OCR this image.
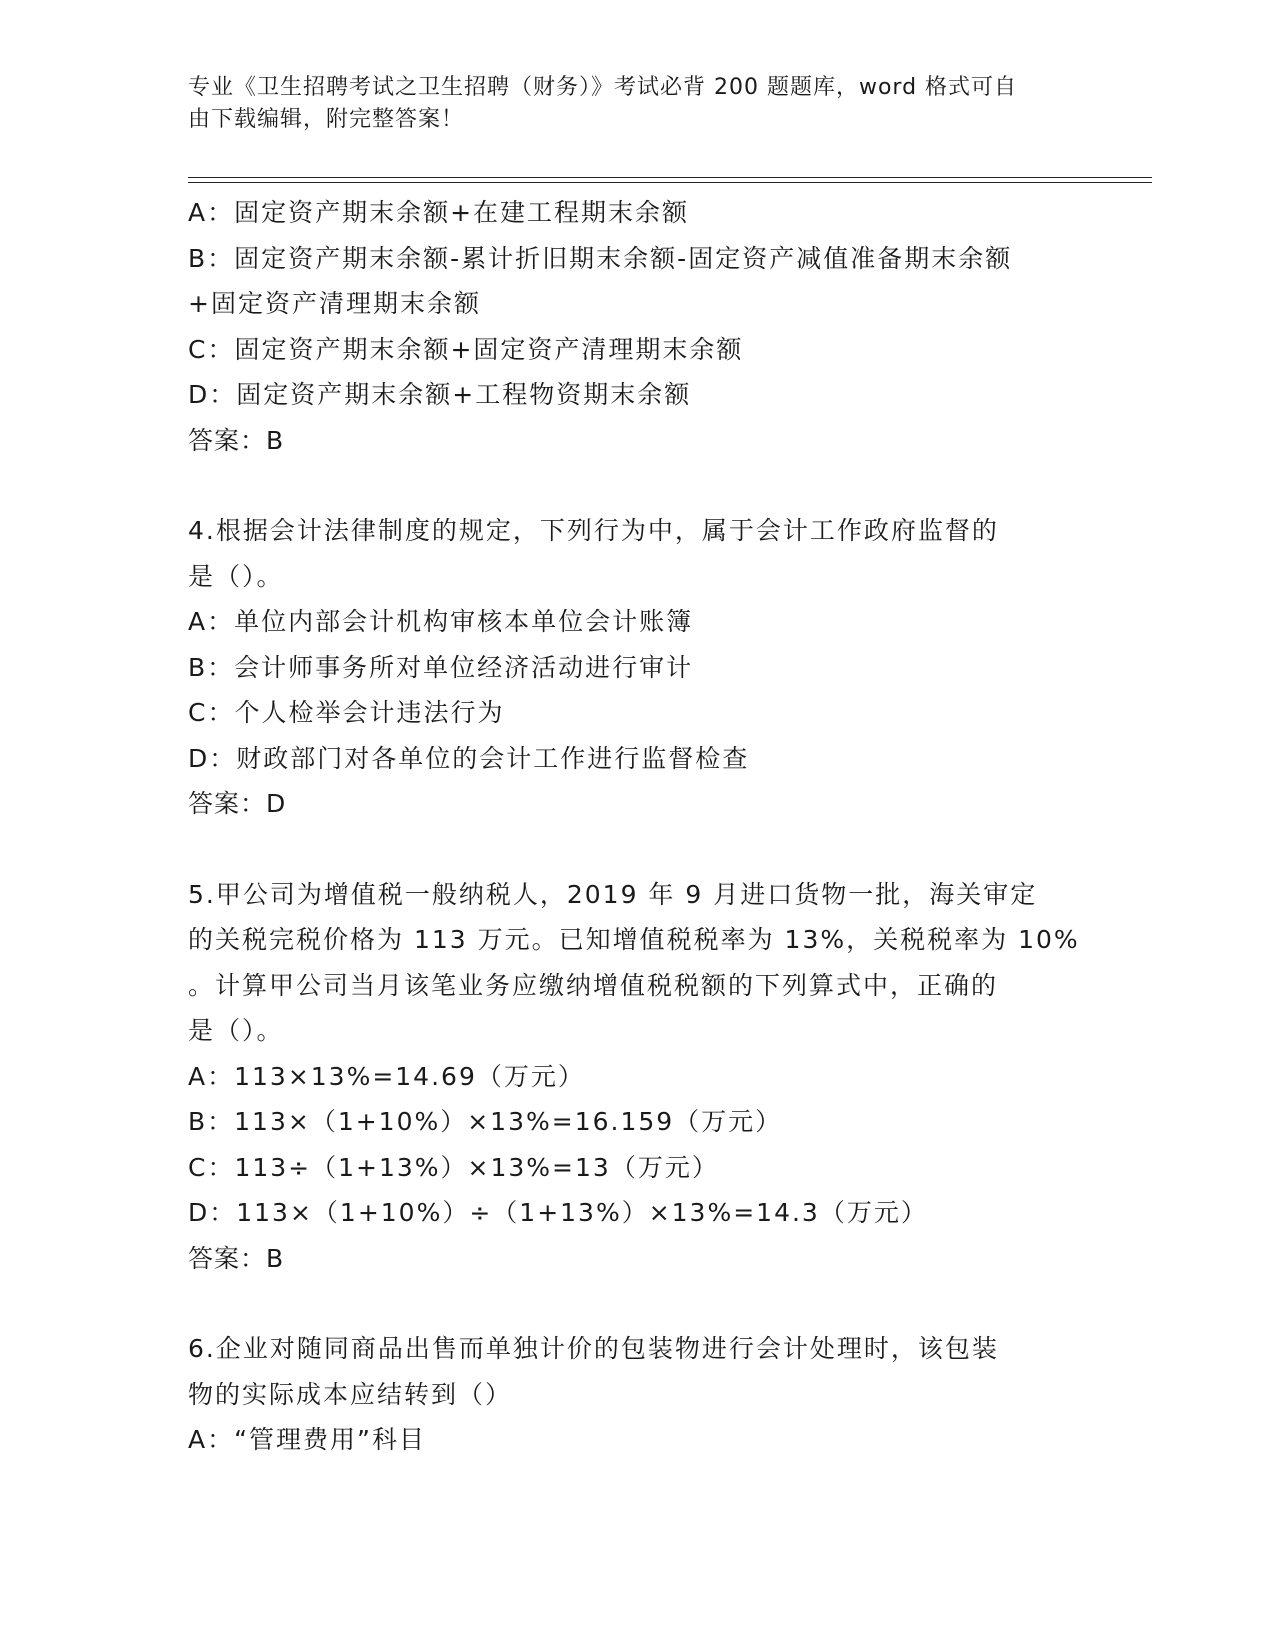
专业《卫生招聘考试之卫生招聘（财务）》考试必背 200 题题库，word 格式可自
由下载编辑，附完整答案！
A：固定资产期末余额+在建工程期末余额
B：固定资产期末余额-累计折旧期末余额-固定资产减值准备期末余额
+固定资产清理期末余额
C：固定资产期末余额+固定资产清理期末余额
D：固定资产期末余额+工程物资期末余额
答案：B
4.根据会计法律制度的规定，下列行为中，属于会计工作政府监督的
是（）。
A：单位内部会计机构审核本单位会计账簿
B：会计师事务所对单位经济活动进行审计
C：个人检举会计违法行为
D：财政部门对各单位的会计工作进行监督检查
答案：D
5.甲公司为增值税一般纳税人，2019 年 9 月进口货物一批，海关审定
的关税完税价格为 113 万元。已知增值税税率为 13%，关税税率为 10%
。计算甲公司当月该笔业务应缴纳增值税税额的下列算式中，正确的
是（）。
A：113×13%=14.69（万元）
B：113×（1+10%）×13%=16.159（万元）
C：113÷（1+13%）×13%=13（万元）
D：113×（1+10%）÷（1+13%）×13%=14.3（万元）
答案：B
6.企业对随同商品出售而单独计价的包装物进行会计处理时，该包装
物的实际成本应结转到（）
A：“管理费用”科目
